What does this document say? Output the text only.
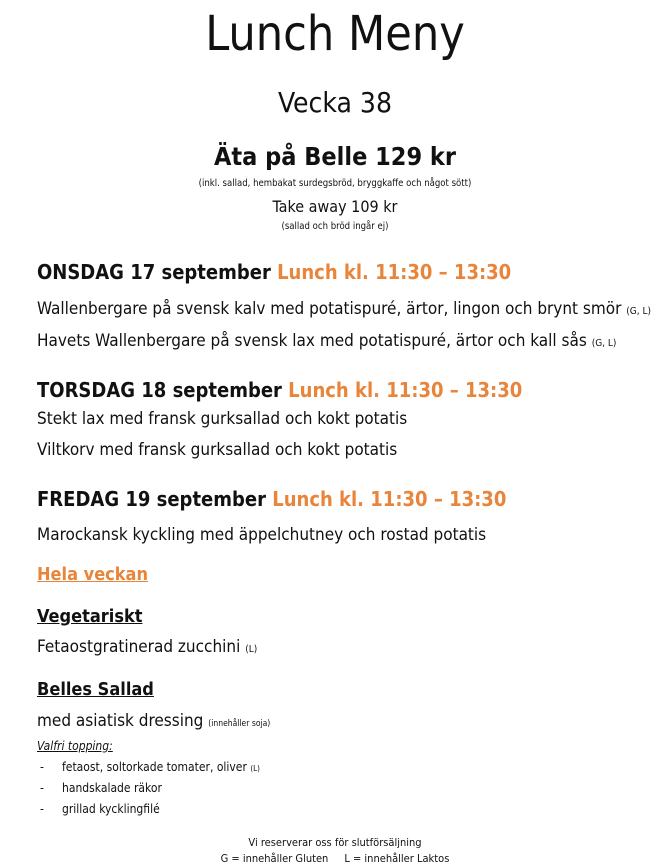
Lunch Meny
Vecka 38
Äta på Belle 129 kr
(inkl. sallad, hembakat surdegsbröd, bryggkaffe och något sött)
Take away 109 kr
(sallad och bröd ingår ej)
ONSDAG 17 september Lunch kl. 11:30 – 13:30
Wallenbergare på svensk kalv med potatispuré, ärtor, lingon och brynt smör (G, L)
Havets Wallenbergare på svensk lax med potatispuré, ärtor och kall sås (G, L)
TORSDAG 18 september Lunch kl. 11:30 – 13:30
Stekt lax med fransk gurksallad och kokt potatis
Viltkorv med fransk gurksallad och kokt potatis
FREDAG 19 september Lunch kl. 11:30 – 13:30
Marockansk kyckling med äppelchutney och rostad potatis
Hela veckan
Vegetariskt
Fetaostgratinerad zucchini (L)
Belles Sallad
med asiatisk dressing (innehåller soja)
Valfri topping:
- fetaost, soltorkade tomater, oliver (L)
- handskalade räkor
- grillad kycklingfilé
Vi reserverar oss för slutförsäljning
G = innehåller Gluten L = innehåller Laktos
